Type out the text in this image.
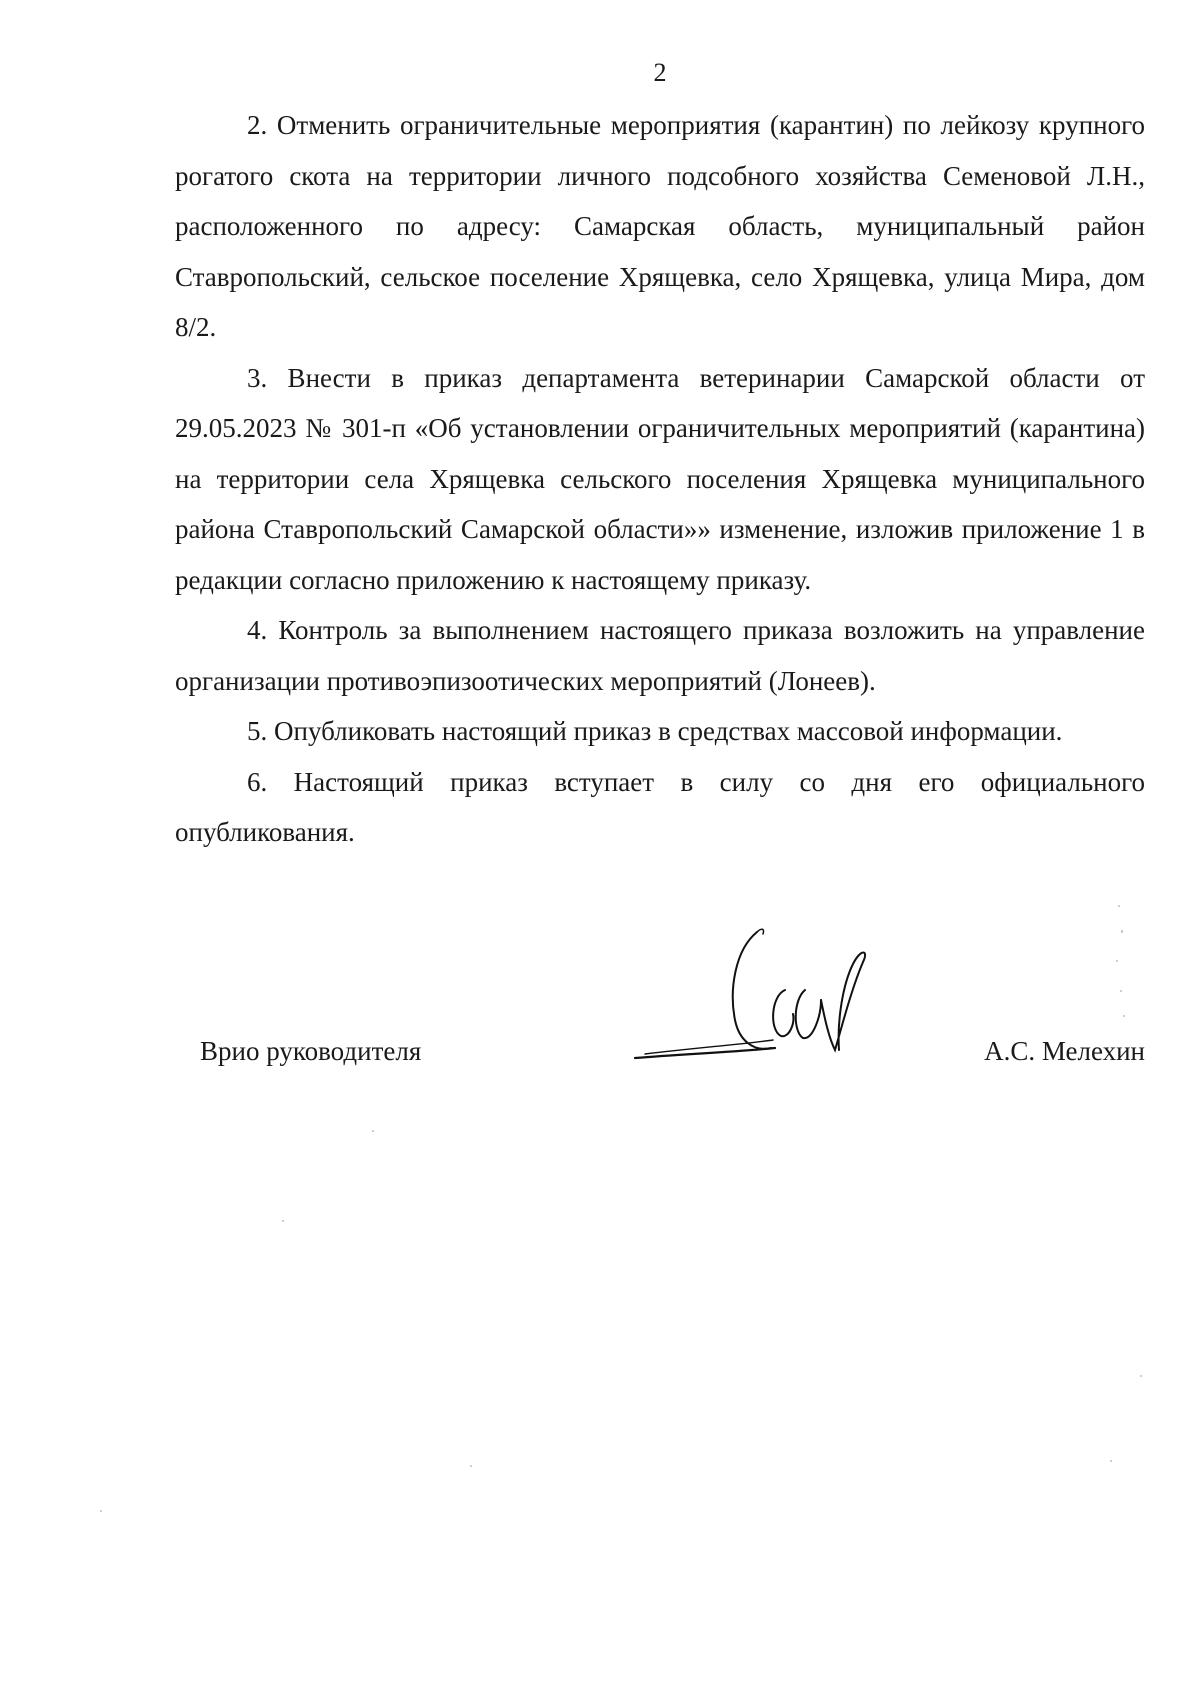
2

2. Отменить ограничительные мероприятия (карантин) по лейкозу крупного рогатого скота на территории личного подсобного хозяйства Семеновой Л.Н., расположенного по адресу: Самарская область, муниципальный район Ставропольский, сельское поселение Хрящевка, село Хрящевка, улица Мира, дом 8/2.

3. Внести в приказ департамента ветеринарии Самарской области от 29.05.2023 № 301-п «Об установлении ограничительных мероприятий (карантина) на территории села Хрящевка сельского поселения Хрящевка муниципального района Ставропольский Самарской области»» изменение, изложив приложение 1 в редакции согласно приложению к настоящему приказу.

4. Контроль за выполнением настоящего приказа возложить на управление организации противоэпизоотических мероприятий (Лонеев).

5. Опубликовать настоящий приказ в средствах массовой информации.

6. Настоящий приказ вступает в силу со дня его официального опубликования.

Врио руководителя	А.С. Мелехин
